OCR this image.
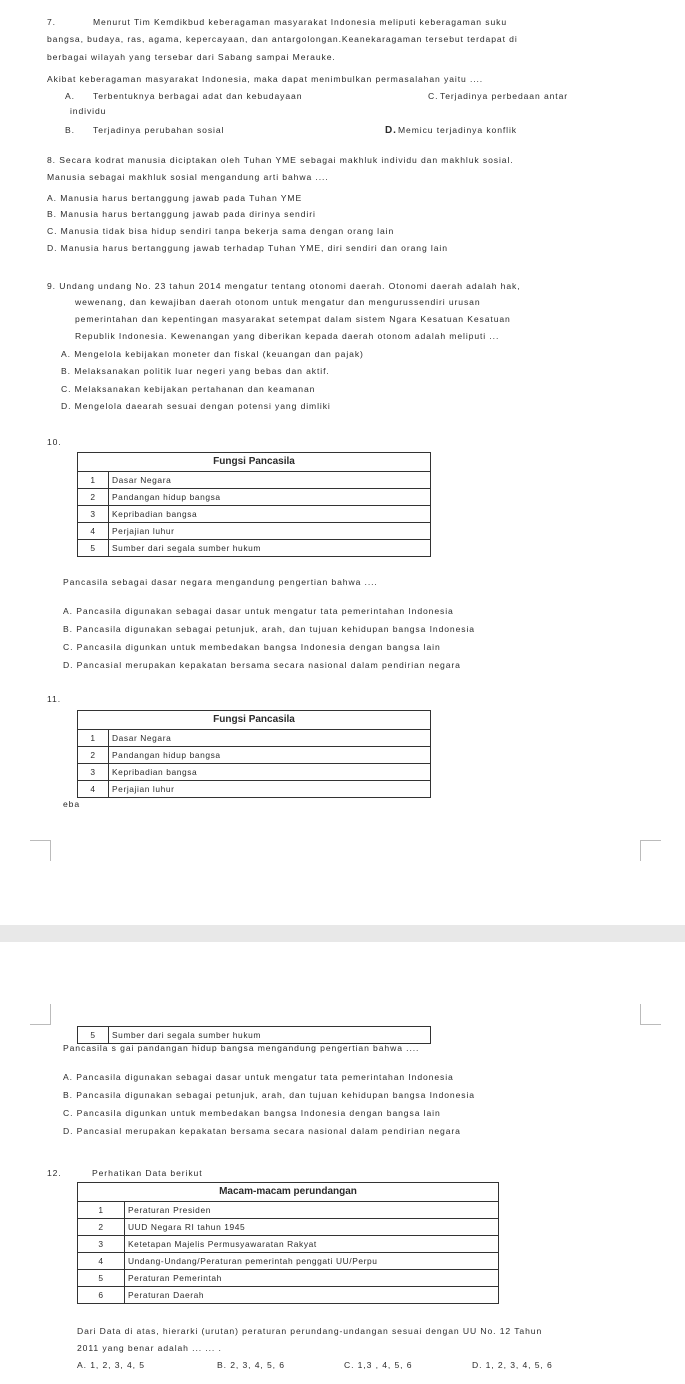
7.	Menurut Tim Kemdikbud keberagaman masyarakat Indonesia meliputi keberagaman suku
bangsa, budaya, ras, agama, kepercayaan, dan antargolongan.Keanekaragaman tersebut terdapat di
berbagai wilayah yang tersebar dari Sabang sampai Merauke.
Akibat keberagaman masyarakat Indonesia, maka dapat menimbulkan permasalahan yaitu ....
A. Terbentuknya berbagai adat dan kebudayaan	C. Terjadinya perbedaan antar
individu
B. Terjadinya perubahan sosial	D. Memicu terjadinya konflik
8. Secara kodrat manusia diciptakan oleh Tuhan YME sebagai makhluk individu dan makhluk sosial.
Manusia sebagai makhluk sosial mengandung arti bahwa ....
A. Manusia harus bertanggung jawab pada Tuhan YME
B. Manusia harus bertanggung jawab pada dirinya sendiri
C. Manusia tidak bisa hidup sendiri tanpa bekerja sama dengan orang lain
D. Manusia harus bertanggung jawab terhadap Tuhan YME, diri sendiri dan orang lain
9. Undang undang No. 23 tahun 2014 mengatur tentang otonomi daerah. Otonomi daerah adalah hak,
wewenang, dan kewajiban daerah otonom untuk mengatur dan mengurussendiri urusan
pemerintahan dan kepentingan masyarakat setempat dalam sistem Ngara Kesatuan Kesatuan
Republik Indonesia. Kewenangan yang diberikan kepada daerah otonom adalah meliputi ...
A. Mengelola kebijakan moneter dan fiskal (keuangan dan pajak)
B. Melaksanakan politik luar negeri yang bebas dan aktif.
C. Melaksanakan kebijakan pertahanan dan keamanan
D. Mengelola daearah sesuai dengan potensi yang dimliki
10.
Fungsi Pancasila	
1	Dasar Negara
2	Pandangan hidup bangsa
3	Kepribadian bangsa
4	Perjajian luhur
5	Sumber dari segala sumber hukum
Pancasila sebagai dasar negara mengandung pengertian bahwa ....
A. Pancasila digunakan sebagai dasar untuk mengatur tata pemerintahan Indonesia
B. Pancasila digunakan sebagai petunjuk, arah, dan tujuan kehidupan bangsa Indonesia
C. Pancasila digunkan untuk membedakan bangsa Indonesia dengan bangsa lain
D. Pancasial merupakan kepakatan bersama secara nasional dalam pendirian negara
11.
Fungsi Pancasila	
1	Dasar Negara
2	Pandangan hidup bangsa
3	Kepribadian bangsa
4	Perjajian luhur
eba
5	Sumber dari segala sumber hukum
Pancasila s gai pandangan hidup bangsa mengandung pengertian bahwa ....
A. Pancasila digunakan sebagai dasar untuk mengatur tata pemerintahan Indonesia
B. Pancasila digunakan sebagai petunjuk, arah, dan tujuan kehidupan bangsa Indonesia
C. Pancasila digunkan untuk membedakan bangsa Indonesia dengan bangsa lain
D. Pancasial merupakan kepakatan bersama secara nasional dalam pendirian negara
12.	Perhatikan Data berikut
Macam-macam perundangan	
1	Peraturan Presiden
2	UUD Negara RI tahun 1945
3	Ketetapan Majelis Permusyawaratan Rakyat
4	Undang-Undang/Peraturan pemerintah penggati UU/Perpu
5	Peraturan Pemerintah
6	Peraturan Daerah
Dari Data di atas, hierarki (urutan) peraturan perundang-undangan sesuai dengan UU No. 12 Tahun
2011 yang benar adalah ... ... .
A. 1, 2, 3, 4, 5	B. 2, 3, 4, 5, 6	C. 1,3 , 4, 5, 6	D. 1, 2, 3, 4, 5, 6
